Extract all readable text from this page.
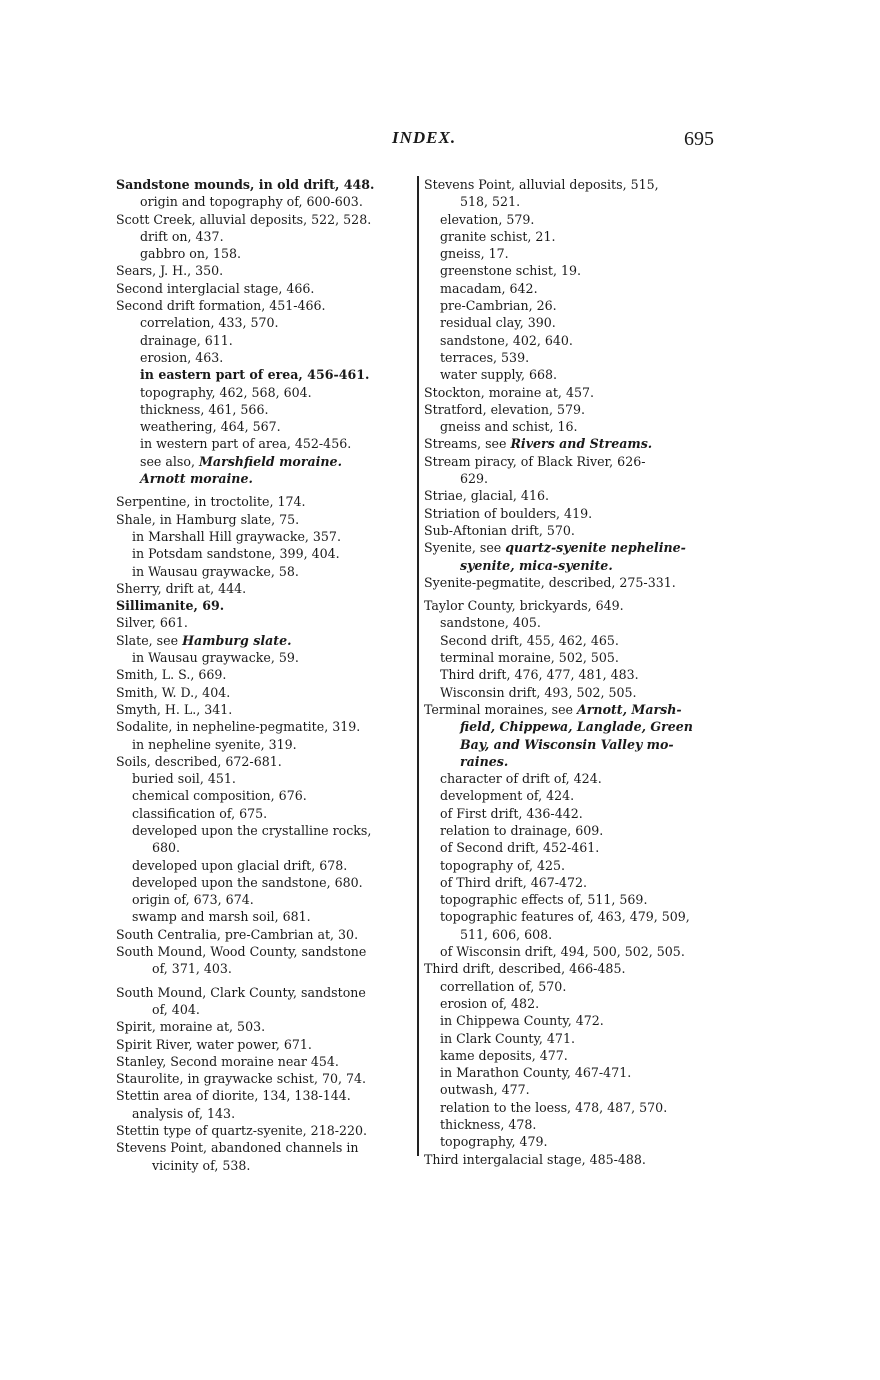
INDEX.	695
Sandstone mounds, in old drift, 448.
origin and topography of, 600-603.
Scott Creek, alluvial deposits, 522, 528.
drift on, 437.
gabbro on, 158.
Sears, J. H., 350.
Second interglacial stage, 466.
Second drift formation, 451-466.
correlation, 433, 570.
drainage, 611.
erosion, 463.
in eastern part of erea, 456-461.
topography, 462, 568, 604.
thickness, 461, 566.
weathering, 464, 567.
in western part of area, 452-456.
see also, Marshfield moraine.
Arnott moraine.
Serpentine, in troctolite, 174.
Shale, in Hamburg slate, 75.
in Marshall Hill graywacke, 357.
in Potsdam sandstone, 399, 404.
in Wausau graywacke, 58.
Sherry, drift at, 444.
Sillimanite, 69.
Silver, 661.
Slate, see Hamburg slate.
in Wausau graywacke, 59.
Smith, L. S., 669.
Smith, W. D., 404.
Smyth, H. L., 341.
Sodalite, in nepheline-pegmatite, 319.
in nepheline syenite, 319.
Soils, described, 672-681.
buried soil, 451.
chemical composition, 676.
classification of, 675.
developed upon the crystalline rocks,
680.
developed upon glacial drift, 678.
developed upon the sandstone, 680.
origin of, 673, 674.
swamp and marsh soil, 681.
South Centralia, pre-Cambrian at, 30.
South Mound, Wood County, sandstone
of, 371, 403.
South Mound, Clark County, sandstone
of, 404.
Spirit, moraine at, 503.
Spirit River, water power, 671.
Stanley, Second moraine near 454.
Staurolite, in graywacke schist, 70, 74.
Stettin area of diorite, 134, 138-144.
analysis of, 143.
Stettin type of quartz-syenite, 218-220.
Stevens Point, abandoned channels in
vicinity of, 538.
Stevens Point, alluvial deposits, 515,
518, 521.
elevation, 579.
granite schist, 21.
gneiss, 17.
greenstone schist, 19.
macadam, 642.
pre-Cambrian, 26.
residual clay, 390.
sandstone, 402, 640.
terraces, 539.
water supply, 668.
Stockton, moraine at, 457.
Stratford, elevation, 579.
gneiss and schist, 16.
Streams, see Rivers and Streams.
Stream piracy, of Black River, 626-
629.
Striae, glacial, 416.
Striation of boulders, 419.
Sub-Aftonian drift, 570.
Syenite, see quartz-syenite nepheline-
syenite, mica-syenite.
Syenite-pegmatite, described, 275-331.
Taylor County, brickyards, 649.
sandstone, 405.
Second drift, 455, 462, 465.
terminal moraine, 502, 505.
Third drift, 476, 477, 481, 483.
Wisconsin drift, 493, 502, 505.
Terminal moraines, see Arnott, Marsh-
field, Chippewa, Langlade, Green
Bay, and Wisconsin Valley mo-
raines.
character of drift of, 424.
development of, 424.
of First drift, 436-442.
relation to drainage, 609.
of Second drift, 452-461.
topography of, 425.
of Third drift, 467-472.
topographic effects of, 511, 569.
topographic features of, 463, 479, 509,
511, 606, 608.
of Wisconsin drift, 494, 500, 502, 505.
Third drift, described, 466-485.
correllation of, 570.
erosion of, 482.
in Chippewa County, 472.
in Clark County, 471.
kame deposits, 477.
in Marathon County, 467-471.
outwash, 477.
relation to the loess, 478, 487, 570.
thickness, 478.
topography, 479.
Third intergalacial stage, 485-488.
